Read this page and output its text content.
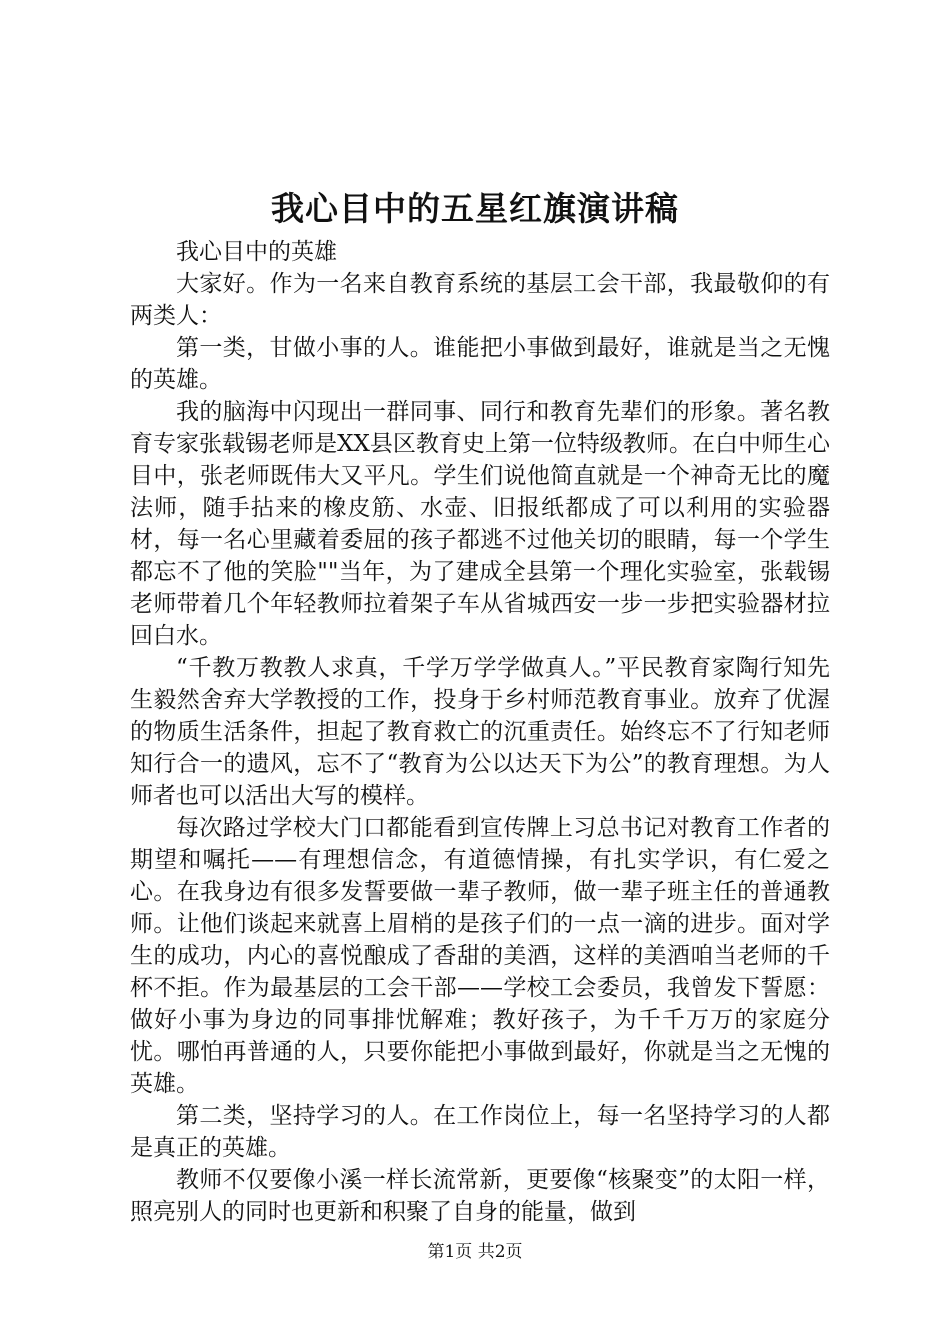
我心目中的五星红旗演讲稿

我心目中的英雄

大家好。作为一名来自教育系统的基层工会干部，我最敬仰的有两类人：

第一类，甘做小事的人。谁能把小事做到最好，谁就是当之无愧的英雄。

我的脑海中闪现出一群同事、同行和教育先辈们的形象。著名教育专家张载锡老师是XX县区教育史上第一位特级教师。在白中师生心目中，张老师既伟大又平凡。学生们说他简直就是一个神奇无比的魔法师，随手拈来的橡皮筋、水壶、旧报纸都成了可以利用的实验器材，每一名心里藏着委屈的孩子都逃不过他关切的眼睛，每一个学生都忘不了他的笑脸""当年，为了建成全县第一个理化实验室，张载锡老师带着几个年轻教师拉着架子车从省城西安一步一步把实验器材拉回白水。

“千教万教教人求真，千学万学学做真人。”平民教育家陶行知先生毅然舍弃大学教授的工作，投身于乡村师范教育事业。放弃了优渥的物质生活条件，担起了教育救亡的沉重责任。始终忘不了行知老师知行合一的遗风，忘不了“教育为公以达天下为公”的教育理想。为人师者也可以活出大写的模样。

每次路过学校大门口都能看到宣传牌上习总书记对教育工作者的期望和嘱托——有理想信念，有道德情操，有扎实学识，有仁爱之心。在我身边有很多发誓要做一辈子教师，做一辈子班主任的普通教师。让他们谈起来就喜上眉梢的是孩子们的一点一滴的进步。面对学生的成功，内心的喜悦酿成了香甜的美酒，这样的美酒咱当老师的千杯不拒。作为最基层的工会干部——学校工会委员，我曾发下誓愿：做好小事为身边的同事排忧解难；教好孩子，为千千万万的家庭分忧。哪怕再普通的人，只要你能把小事做到最好，你就是当之无愧的英雄。

第二类，坚持学习的人。在工作岗位上，每一名坚持学习的人都是真正的英雄。

教师不仅要像小溪一样长流常新，更要像“核聚变”的太阳一样，照亮别人的同时也更新和积聚了自身的能量，做到

第1页 共2页
